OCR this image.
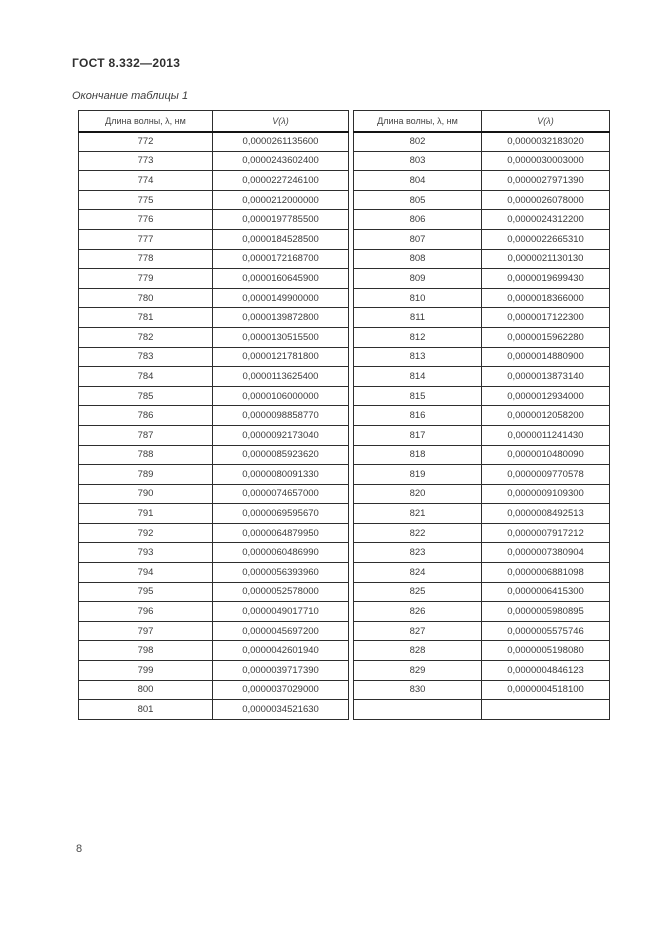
ГОСТ 8.332—2013
Окончание таблицы 1
Длина волны, λ, нм	V(λ)
772	0,0000261135600
773	0,0000243602400
774	0,0000227246100
775	0,0000212000000
776	0,0000197785500
777	0,0000184528500
778	0,0000172168700
779	0,0000160645900
780	0,0000149900000
781	0,0000139872800
782	0,0000130515500
783	0,0000121781800
784	0,0000113625400
785	0,0000106000000
786	0,0000098858770
787	0,0000092173040
788	0,0000085923620
789	0,0000080091330
790	0,0000074657000
791	0,0000069595670
792	0,0000064879950
793	0,0000060486990
794	0,0000056393960
795	0,0000052578000
796	0,0000049017710
797	0,0000045697200
798	0,0000042601940
799	0,0000039717390
800	0,0000037029000
801	0,0000034521630
Длина волны, λ, нм	V(λ)
802	0,0000032183020
803	0,0000030003000
804	0,0000027971390
805	0,0000026078000
806	0,0000024312200
807	0,0000022665310
808	0,0000021130130
809	0,0000019699430
810	0,0000018366000
811	0,0000017122300
812	0,0000015962280
813	0,0000014880900
814	0,0000013873140
815	0,0000012934000
816	0,0000012058200
817	0,0000011241430
818	0,0000010480090
819	0,0000009770578
820	0,0000009109300
821	0,0000008492513
822	0,0000007917212
823	0,0000007380904
824	0,0000006881098
825	0,0000006415300
826	0,0000005980895
827	0,0000005575746
828	0,0000005198080
829	0,0000004846123
830	0,0000004518100

8
